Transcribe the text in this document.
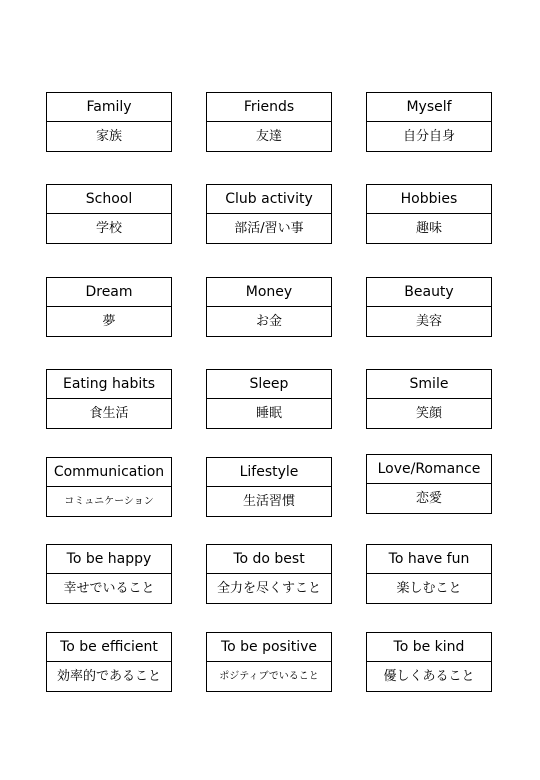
Family
家族
Friends
友達
Myself
自分自身
School
学校
Club activity
部活/習い事
Hobbies
趣味
Dream
夢
Money
お金
Beauty
美容
Eating habits
食生活
Sleep
睡眠
Smile
笑顔
Communication
コミュニケーション
Lifestyle
生活習慣
Love/Romance
恋愛
To be happy
幸せでいること
To do best
全力を尽くすこと
To have fun
楽しむこと
To be efficient
効率的であること
To be positive
ポジティブでいること
To be kind
優しくあること
